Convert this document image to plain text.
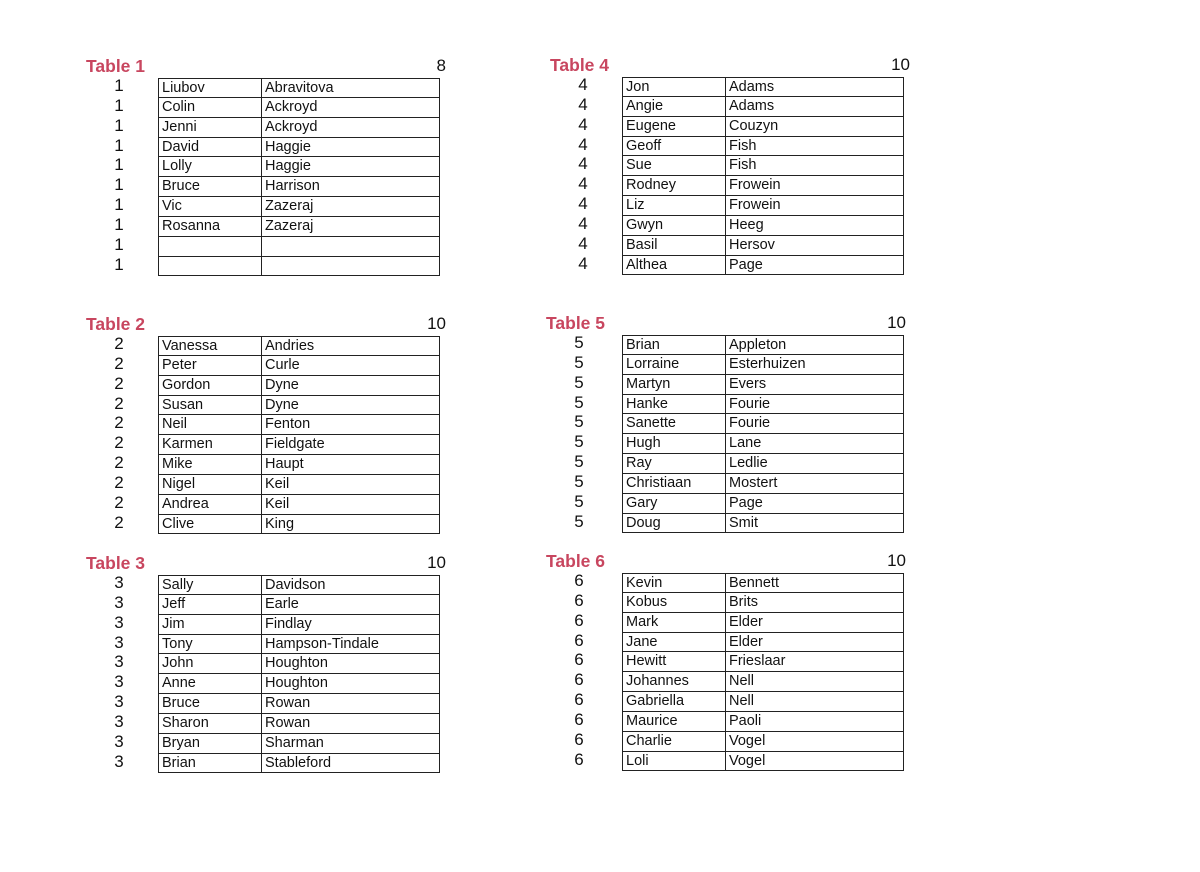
Table 1	8
1	Liubov	Abravitova
1	Colin	Ackroyd
1	Jenni	Ackroyd
1	David	Haggie
1	Lolly	Haggie
1	Bruce	Harrison
1	Vic	Zazeraj
1	Rosanna	Zazeraj
1
1
Table 2	10
2	Vanessa	Andries
2	Peter	Curle
2	Gordon	Dyne
2	Susan	Dyne
2	Neil	Fenton
2	Karmen	Fieldgate
2	Mike	Haupt
2	Nigel	Keil
2	Andrea	Keil
2	Clive	King
Table 3	10
3	Sally	Davidson
3	Jeff	Earle
3	Jim	Findlay
3	Tony	Hampson-Tindale
3	John	Houghton
3	Anne	Houghton
3	Bruce	Rowan
3	Sharon	Rowan
3	Bryan	Sharman
3	Brian	Stableford
Table 4	10
4	Jon	Adams
4	Angie	Adams
4	Eugene	Couzyn
4	Geoff	Fish
4	Sue	Fish
4	Rodney	Frowein
4	Liz	Frowein
4	Gwyn	Heeg
4	Basil	Hersov
4	Althea	Page
Table 5	10
5	Brian	Appleton
5	Lorraine	Esterhuizen
5	Martyn	Evers
5	Hanke	Fourie
5	Sanette	Fourie
5	Hugh	Lane
5	Ray	Ledlie
5	Christiaan	Mostert
5	Gary	Page
5	Doug	Smit
Table 6	10
6	Kevin	Bennett
6	Kobus	Brits
6	Mark	Elder
6	Jane	Elder
6	Hewitt	Frieslaar
6	Johannes	Nell
6	Gabriella	Nell
6	Maurice	Paoli
6	Charlie	Vogel
6	Loli	Vogel
